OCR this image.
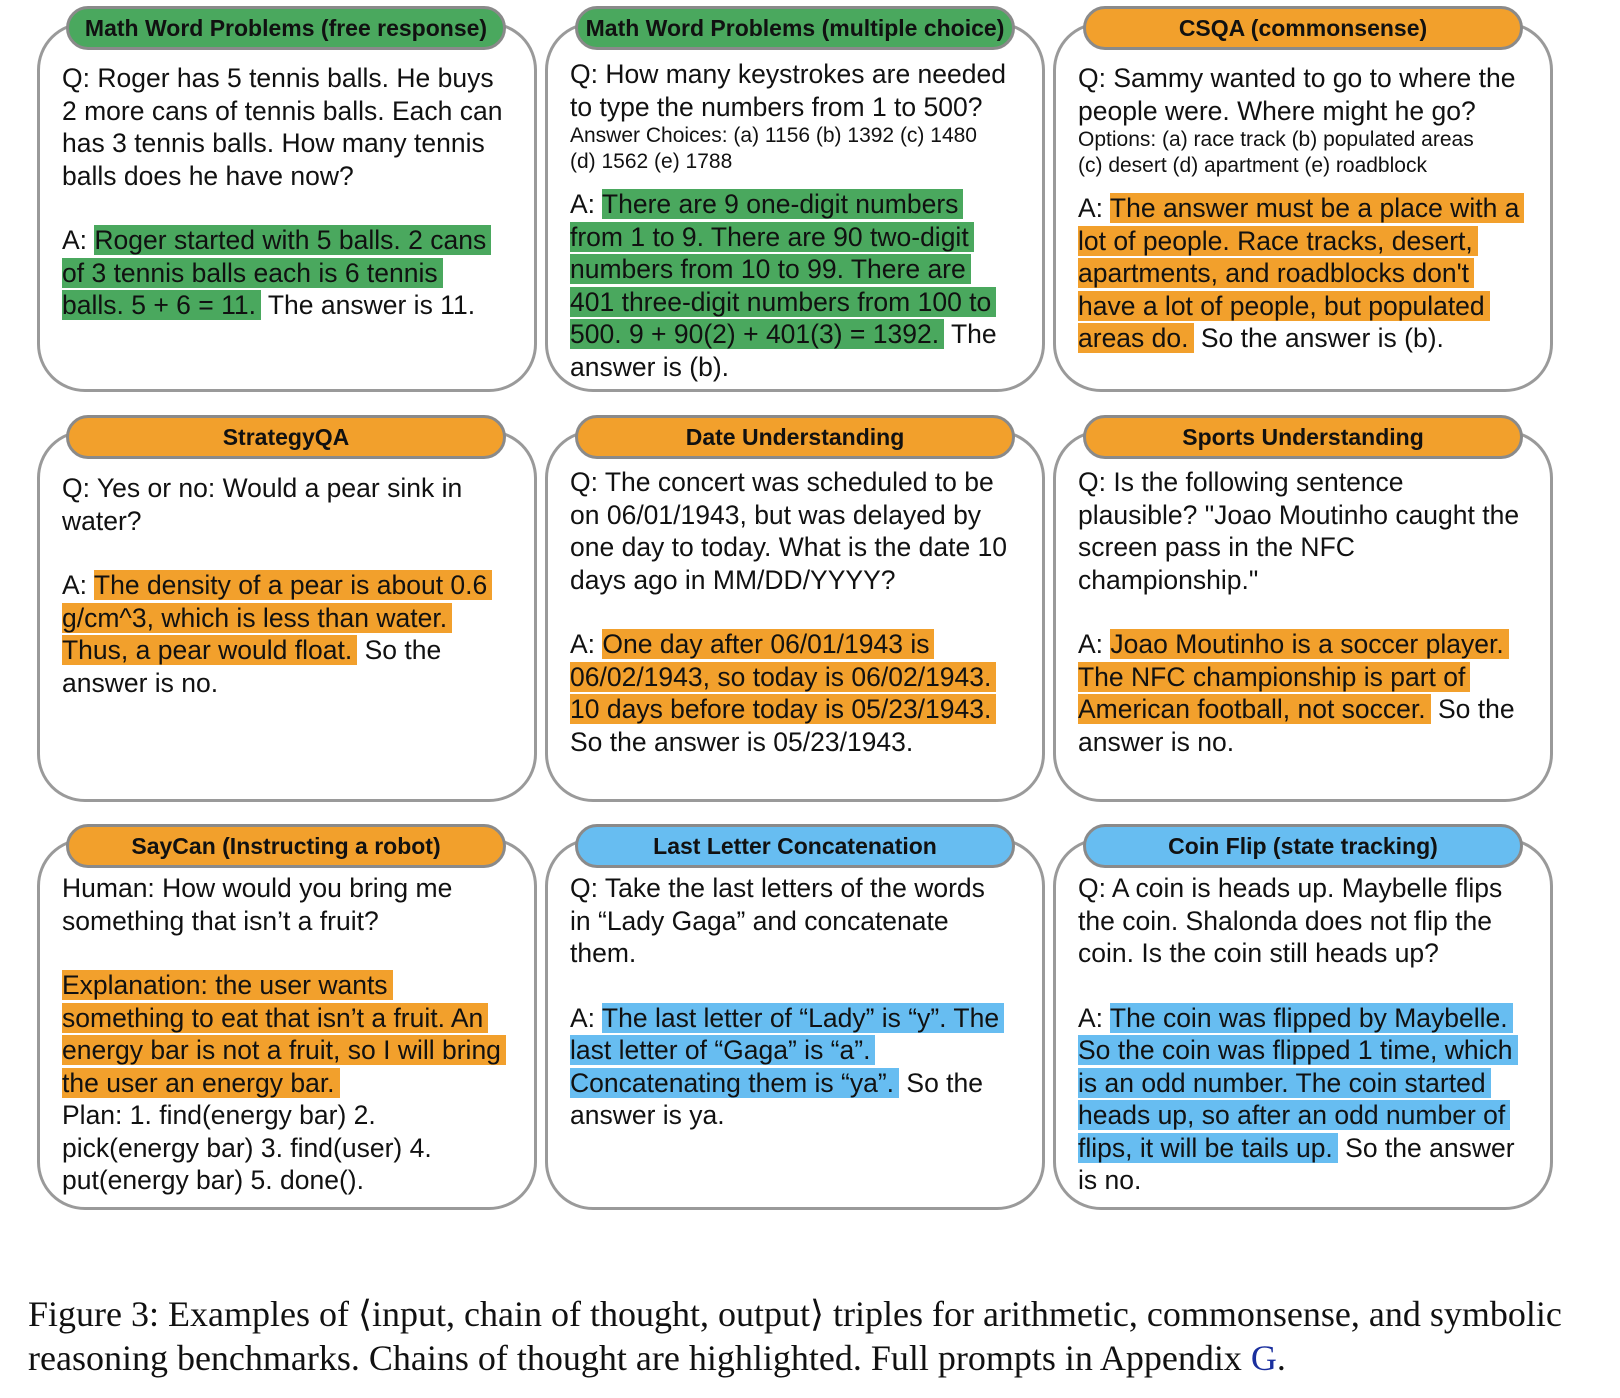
Math Word Problems (free response)
Q: Roger has 5 tennis balls. He buys
2 more cans of tennis balls. Each can
has 3 tennis balls. How many tennis
balls does he have now?
A: Roger started with 5 balls. 2 cans
of 3 tennis balls each is 6 tennis
balls. 5 + 6 = 11. The answer is 11.
Math Word Problems (multiple choice)
Q: How many keystrokes are needed
to type the numbers from 1 to 500?
Answer Choices: (a) 1156 (b) 1392 (c) 1480
(d) 1562 (e) 1788
A: There are 9 one-digit numbers
from 1 to 9. There are 90 two-digit
numbers from 10 to 99. There are
401 three-digit numbers from 100 to
500. 9 + 90(2) + 401(3) = 1392. The
answer is (b).
CSQA (commonsense)
Q: Sammy wanted to go to where the
people were. Where might he go?
Options: (a) race track (b) populated areas
(c) desert (d) apartment (e) roadblock
A: The answer must be a place with a
lot of people. Race tracks, desert,
apartments, and roadblocks don't
have a lot of people, but populated
areas do. So the answer is (b).
StrategyQA
Q: Yes or no: Would a pear sink in
water?
A: The density of a pear is about 0.6
g/cm^3, which is less than water.
Thus, a pear would float. So the
answer is no.
Date Understanding
Q: The concert was scheduled to be
on 06/01/1943, but was delayed by
one day to today. What is the date 10
days ago in MM/DD/YYYY?
A: One day after 06/01/1943 is
06/02/1943, so today is 06/02/1943.
10 days before today is 05/23/1943.
So the answer is 05/23/1943.
Sports Understanding
Q: Is the following sentence
plausible? "Joao Moutinho caught the
screen pass in the NFC
championship."
A: Joao Moutinho is a soccer player.
The NFC championship is part of
American football, not soccer. So the
answer is no.
SayCan (Instructing a robot)
Human: How would you bring me
something that isn’t a fruit?
Explanation: the user wants
something to eat that isn’t a fruit. An
energy bar is not a fruit, so I will bring
the user an energy bar.
Plan: 1. find(energy bar) 2.
pick(energy bar) 3. find(user) 4.
put(energy bar) 5. done().
Last Letter Concatenation
Q: Take the last letters of the words
in “Lady Gaga” and concatenate
them.
A: The last letter of “Lady” is “y”. The
last letter of “Gaga” is “a”.
Concatenating them is “ya”. So the
answer is ya.
Coin Flip (state tracking)
Q: A coin is heads up. Maybelle flips
the coin. Shalonda does not flip the
coin. Is the coin still heads up?
A: The coin was flipped by Maybelle.
So the coin was flipped 1 time, which
is an odd number. The coin started
heads up, so after an odd number of
flips, it will be tails up. So the answer
is no.
Figure 3: Examples of ⟨input, chain of thought, output⟩ triples for arithmetic, commonsense, and symbolic reasoning benchmarks. Chains of thought are highlighted. Full prompts in Appendix G.
